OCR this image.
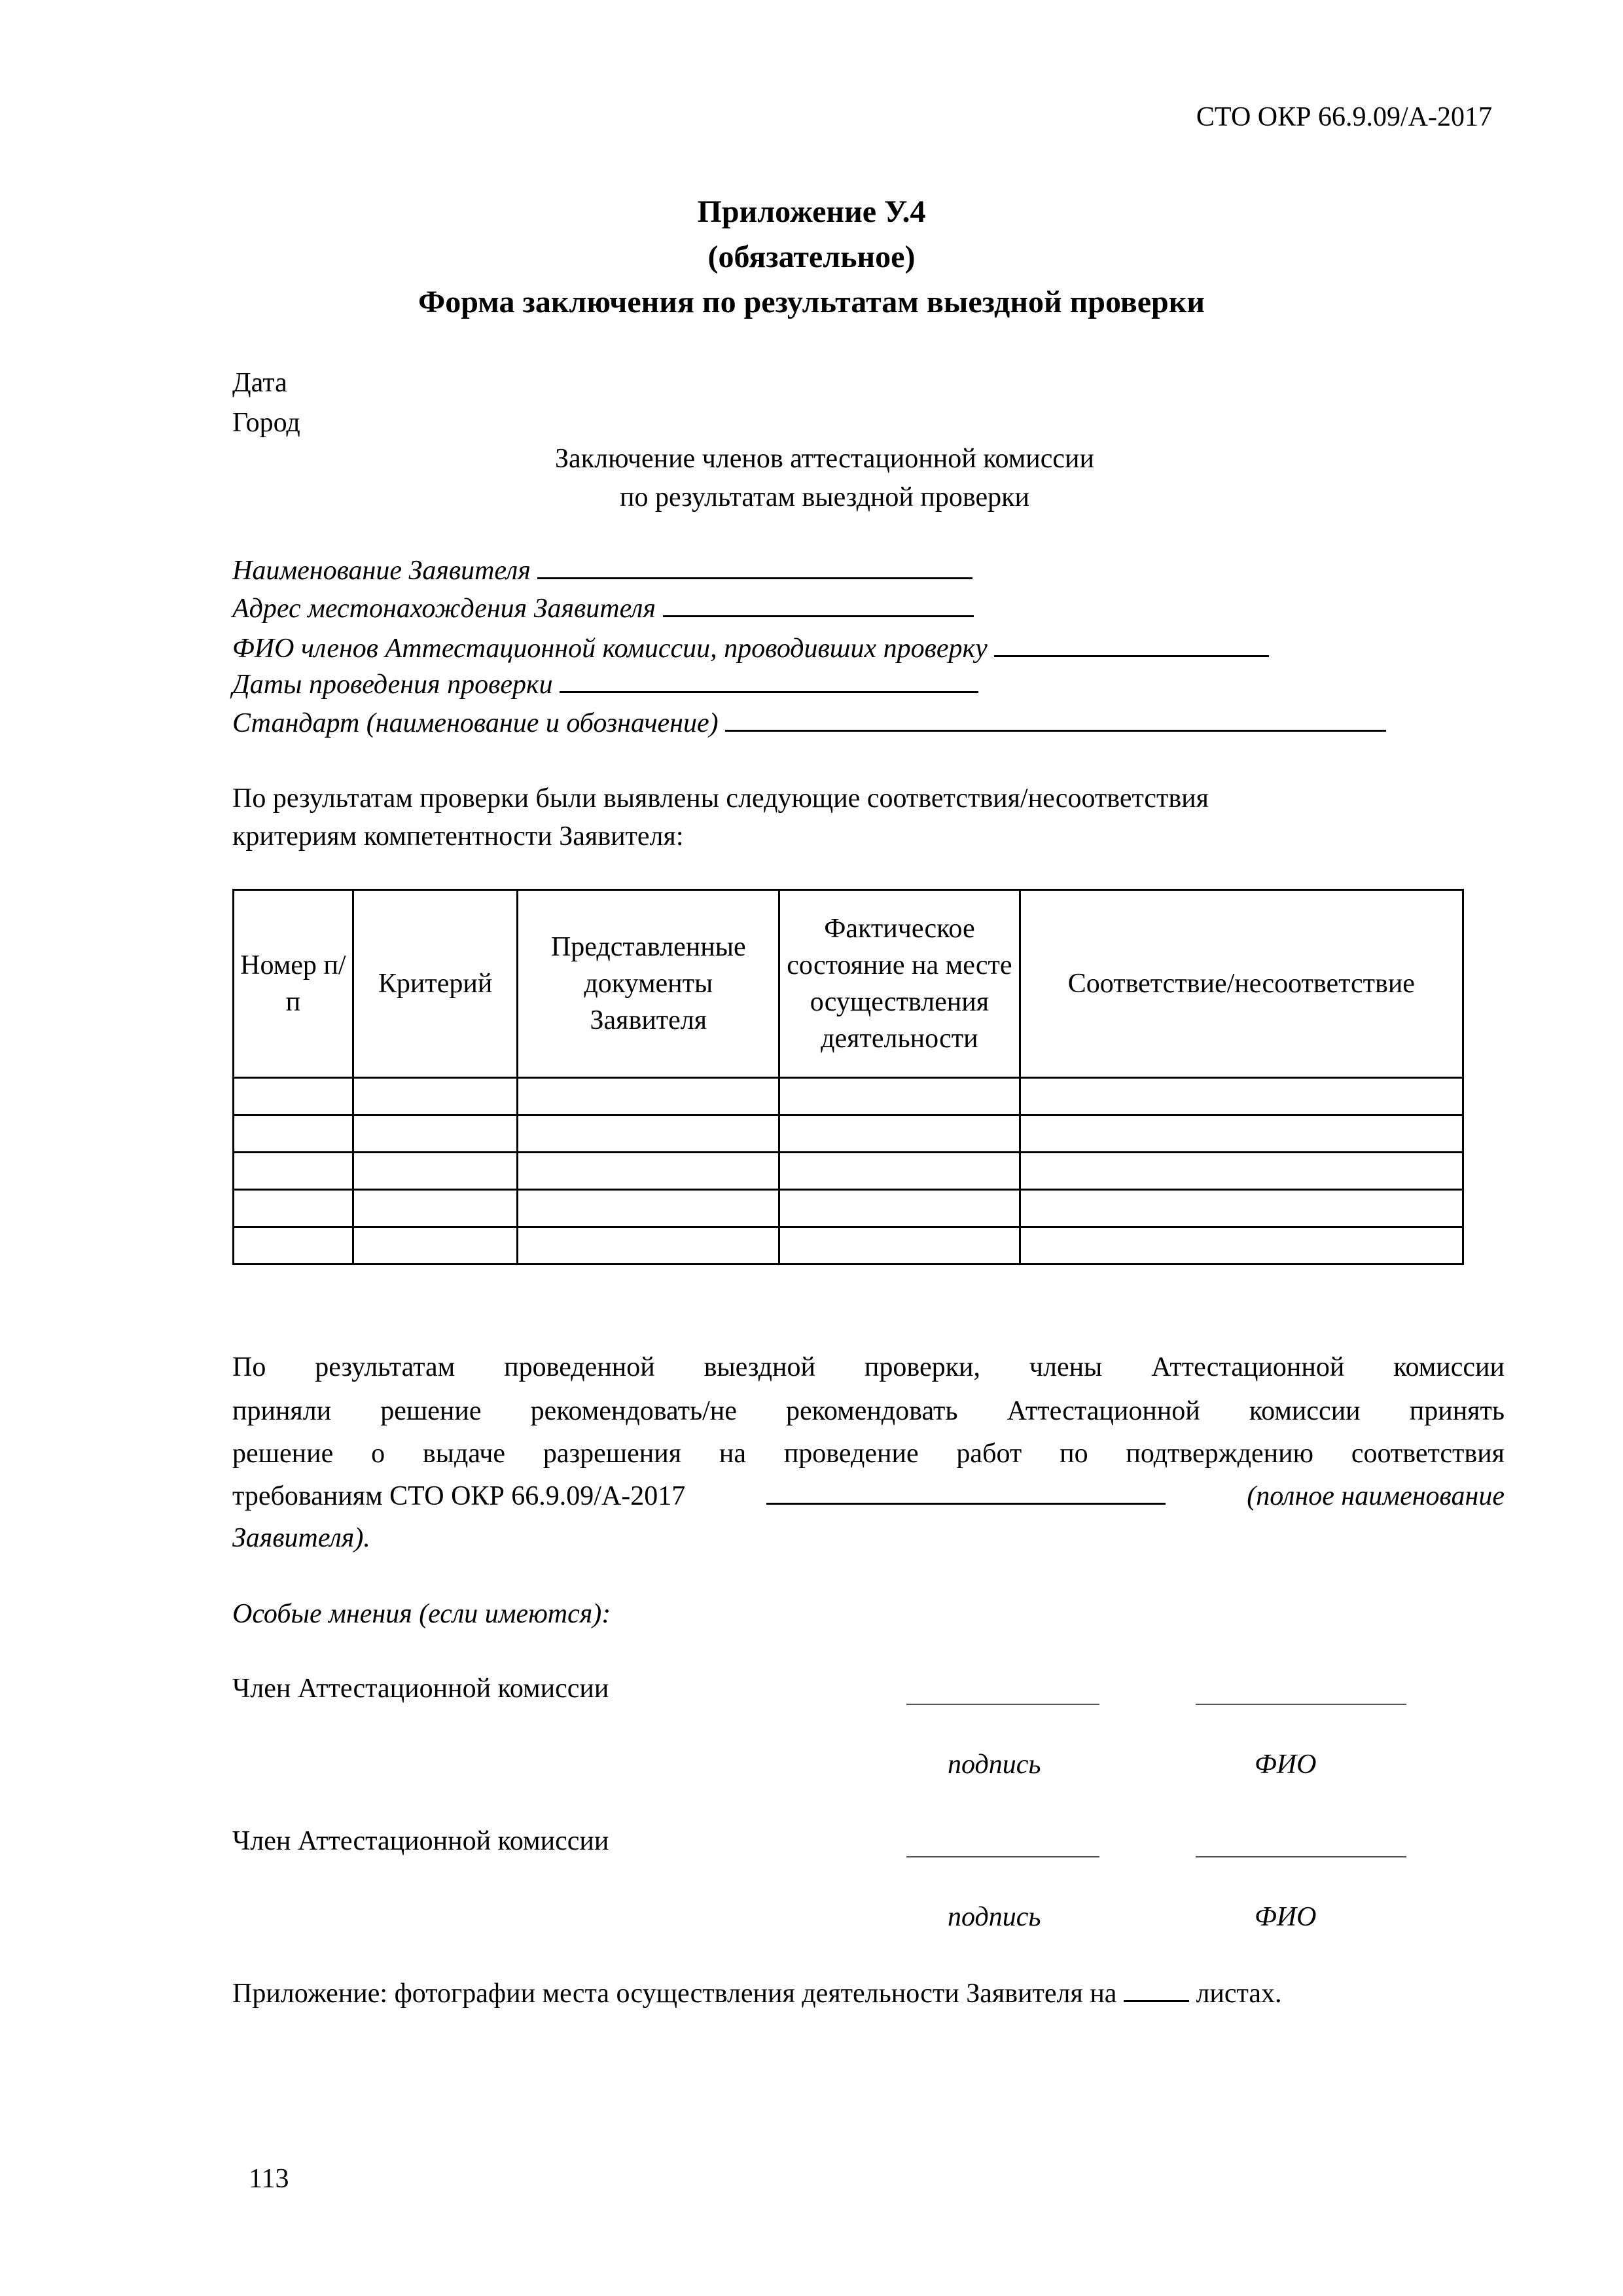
СТО ОКР 66.9.09/А-2017
Приложение У.4
(обязательное)
Форма заключения по результатам выездной проверки
Дата
Город
Заключение членов аттестационной комиссии
по результатам выездной проверки
Наименование Заявителя
Адрес местонахождения Заявителя
ФИО членов Аттестационной комиссии, проводивших проверку
Даты проведения проверки
Стандарт (наименование и обозначение)
По результатам проверки были выявлены следующие соответствия/несоответствия
критериям компетентности Заявителя:
Номер п/п	Критерий	Представленные документы Заявителя	Фактическое состояние на месте осуществления деятельности	Соответствие/несоответствие

По результатам проведенной выездной проверки, члены Аттестационной комиссии
приняли решение рекомендовать/не рекомендовать Аттестационной комиссии принять
решение о выдаче разрешения на проведение работ по подтверждению соответствия
требованиям СТО ОКР 66.9.09/А-2017	(полное наименование
Заявителя).
Особые мнения (если имеются):
Член Аттестационной комиссии
подпись	ФИО
Член Аттестационной комиссии
подпись	ФИО
Приложение: фотографии места осуществления деятельности Заявителя на	листах.
113
